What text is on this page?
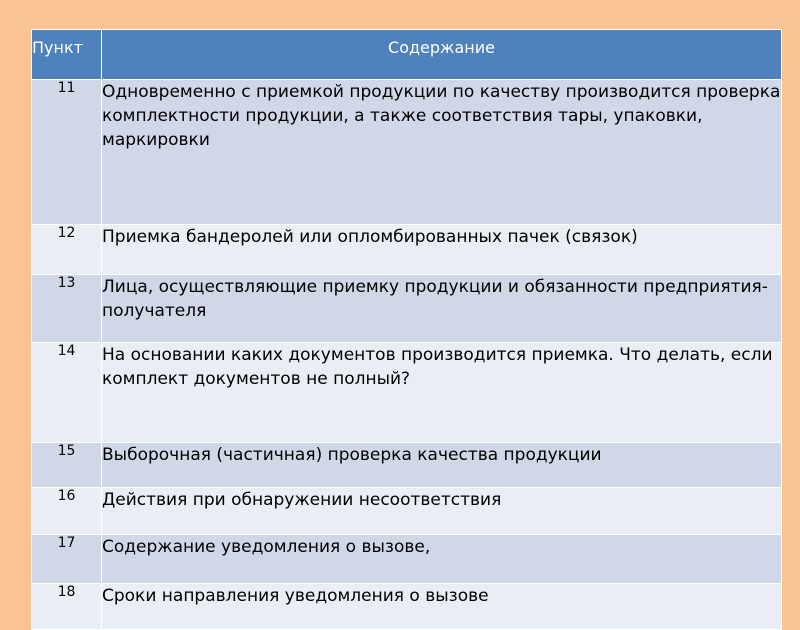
Пункт	Содержание
11	Одновременно с приемкой продукции по качеству производится проверка комплектности продукции, а также соответствия тары, упаковки, маркировки
12	Приемка бандеролей или опломбированных пачек (связок)
13	Лица, осуществляющие приемку продукции и обязанности предприятия-получателя
14	На основании каких документов производится приемка. Что делать, если комплект документов не полный?
15	Выборочная (частичная) проверка качества продукции
16	Действия при обнаружении несоответствия
17	Содержание уведомления о вызове,
18	Сроки направления уведомления о вызове
